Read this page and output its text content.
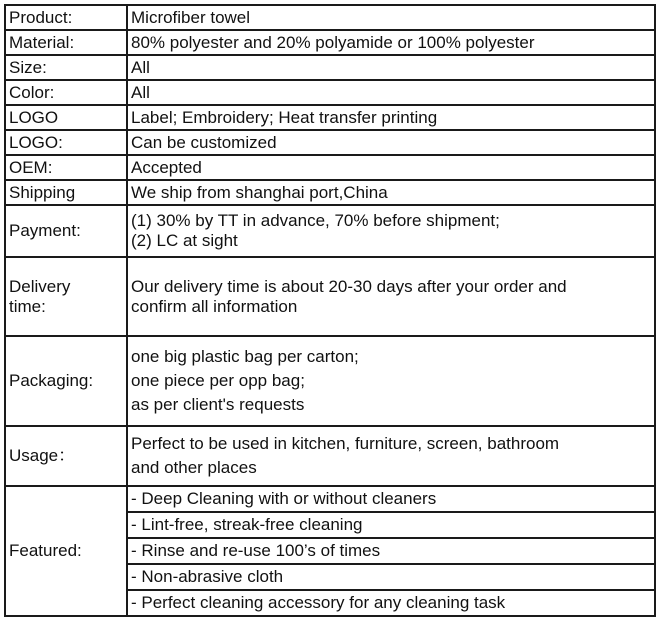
Product:	Microfiber towel
Material:	80% polyester and 20% polyamide or 100% polyester
Size:	All
Color:	All
LOGO	Label; Embroidery; Heat transfer printing
LOGO:	Can be customized
OEM:	Accepted
Shipping	We ship from shanghai port,China
Payment:	(1) 30% by TT in advance, 70% before shipment;
(2) LC at sight

Delivery
time:	Our delivery time is about 20-30 days after your order and
confirm all information

Packaging:	one big plastic bag per carton;
one piece per opp bag;
as per client's requests

Usage：	Perfect to be used in kitchen, furniture, screen, bathroom
and other places

Featured:	- Deep Cleaning with or without cleaners
- Lint-free, streak-free cleaning
- Rinse and re-use 100’s of times
- Non-abrasive cloth
- Perfect cleaning accessory for any cleaning task
